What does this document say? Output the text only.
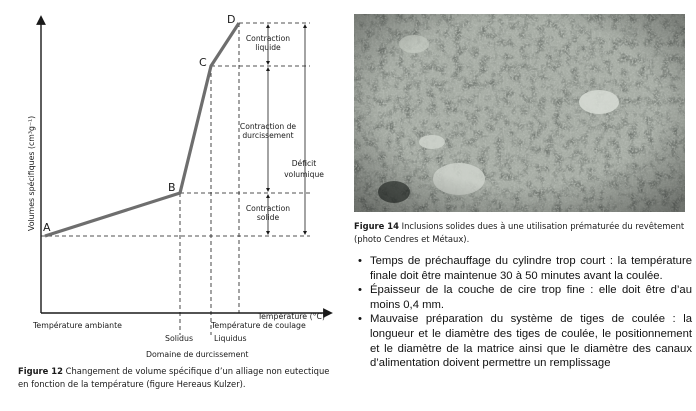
A
B
C
D
Contraction
liquide
Contraction de
durcissement
Contraction
solide
Déficit
volumique
Volumes spécifiques (cm³g⁻¹)
Température (°C)
Température ambiante
Solidus	Liquidus
Température de coulage
Domaine de durcissement
Figure 12 Changement de volume spécifique d’un alliage non eutectique en fonction de la température (figure Hereaus Kulzer).
Figure 14 Inclusions solides dues à une utilisation prématurée du revêtement (photo Cendres et Métaux).
• Temps de préchauffage du cylindre trop court : la température finale doit être maintenue 30 à 50 minutes avant la coulée.
• Épaisseur de la couche de cire trop fine : elle doit être d’au moins 0,4 mm.
• Mauvaise préparation du système de tiges de coulée : la longueur et le diamètre des tiges de coulée, le positionnement et le diamètre de la matrice ainsi que le diamètre des canaux d’alimentation doivent permettre un remplissage
